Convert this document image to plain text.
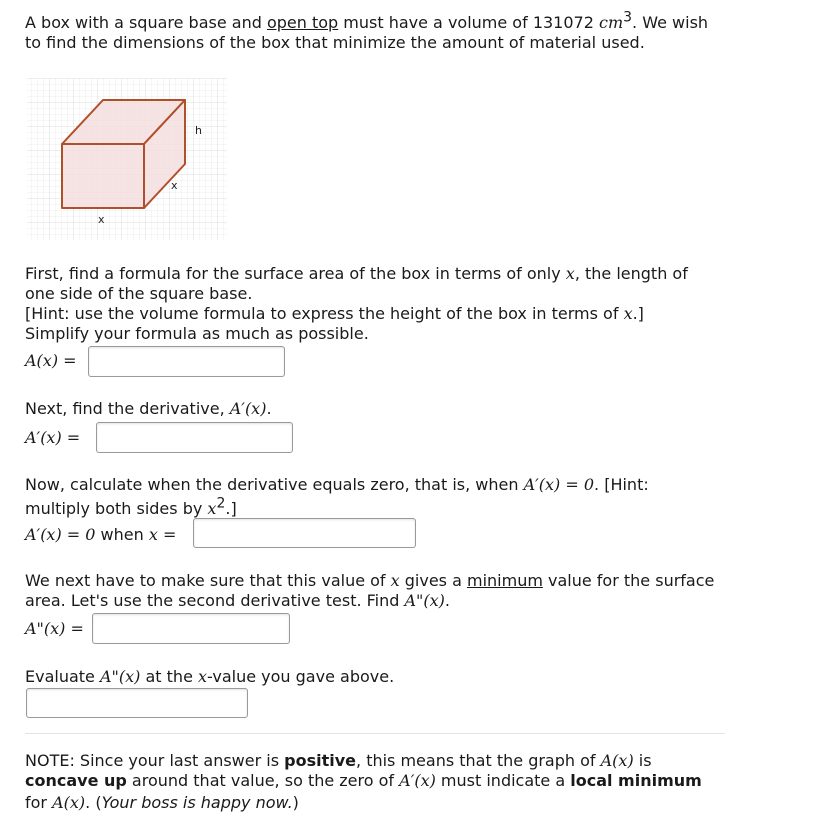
A box with a square base and open top must have a volume of 131072 $cm^3$. We wish
to find the dimensions of the box that minimize the amount of material used.
h
x
x
First, find a formula for the surface area of the box in terms of only x, the length of
one side of the square base.
[Hint: use the volume formula to express the height of the box in terms of x.]
Simplify your formula as much as possible.
A(x) =
Next, find the derivative, A′(x).
A′(x) =
Now, calculate when the derivative equals zero, that is, when A′(x) = 0. [Hint:
multiply both sides by $x^2$.]
A′(x) = 0 when x =
We next have to make sure that this value of x gives a minimum value for the surface
area. Let's use the second derivative test. Find A"(x).
A"(x) =
Evaluate A"(x) at the x-value you gave above.
NOTE: Since your last answer is positive, this means that the graph of A(x) is
concave up around that value, so the zero of A′(x) must indicate a local minimum
for A(x). (Your boss is happy now.)
